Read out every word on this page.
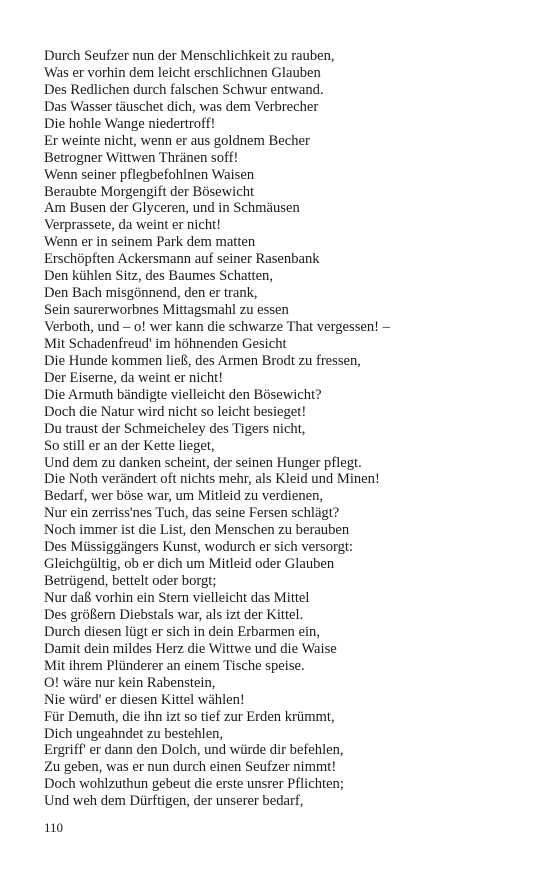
Durch Seufzer nun der Menschlichkeit zu rauben,
Was er vorhin dem leicht erschlichnen Glauben
Des Redlichen durch falschen Schwur entwand.
Das Wasser täuschet dich, was dem Verbrecher
Die hohle Wange niedertroff!
Er weinte nicht, wenn er aus goldnem Becher
Betrogner Wittwen Thränen soff!
Wenn seiner pflegbefohlnen Waisen
Beraubte Morgengift der Bösewicht
Am Busen der Glyceren, und in Schmäusen
Verprassete, da weint er nicht!
Wenn er in seinem Park dem matten
Erschöpften Ackersmann auf seiner Rasenbank
Den kühlen Sitz, des Baumes Schatten,
Den Bach misgönnend, den er trank,
Sein saurerworbnes Mittagsmahl zu essen
Verboth, und – o! wer kann die schwarze That vergessen! –
Mit Schadenfreud' im höhnenden Gesicht
Die Hunde kommen ließ, des Armen Brodt zu fressen,
Der Eiserne, da weint er nicht!
Die Armuth bändigte vielleicht den Bösewicht?
Doch die Natur wird nicht so leicht besieget!
Du traust der Schmeicheley des Tigers nicht,
So still er an der Kette lieget,
Und dem zu danken scheint, der seinen Hunger pflegt.
Die Noth verändert oft nichts mehr, als Kleid und Minen!
Bedarf, wer böse war, um Mitleid zu verdienen,
Nur ein zerriss'nes Tuch, das seine Fersen schlägt?
Noch immer ist die List, den Menschen zu berauben
Des Müssiggängers Kunst, wodurch er sich versorgt:
Gleichgültig, ob er dich um Mitleid oder Glauben
Betrügend, bettelt oder borgt;
Nur daß vorhin ein Stern vielleicht das Mittel
Des größern Diebstals war, als izt der Kittel.
Durch diesen lügt er sich in dein Erbarmen ein,
Damit dein mildes Herz die Wittwe und die Waise
Mit ihrem Plünderer an einem Tische speise.
O! wäre nur kein Rabenstein,
Nie würd' er diesen Kittel wählen!
Für Demuth, die ihn izt so tief zur Erden krümmt,
Dich ungeahndet zu bestehlen,
Ergriff' er dann den Dolch, und würde dir befehlen,
Zu geben, was er nun durch einen Seufzer nimmt!
Doch wohlzuthun gebeut die erste unsrer Pflichten;
Und weh dem Dürftigen, der unserer bedarf,
110
